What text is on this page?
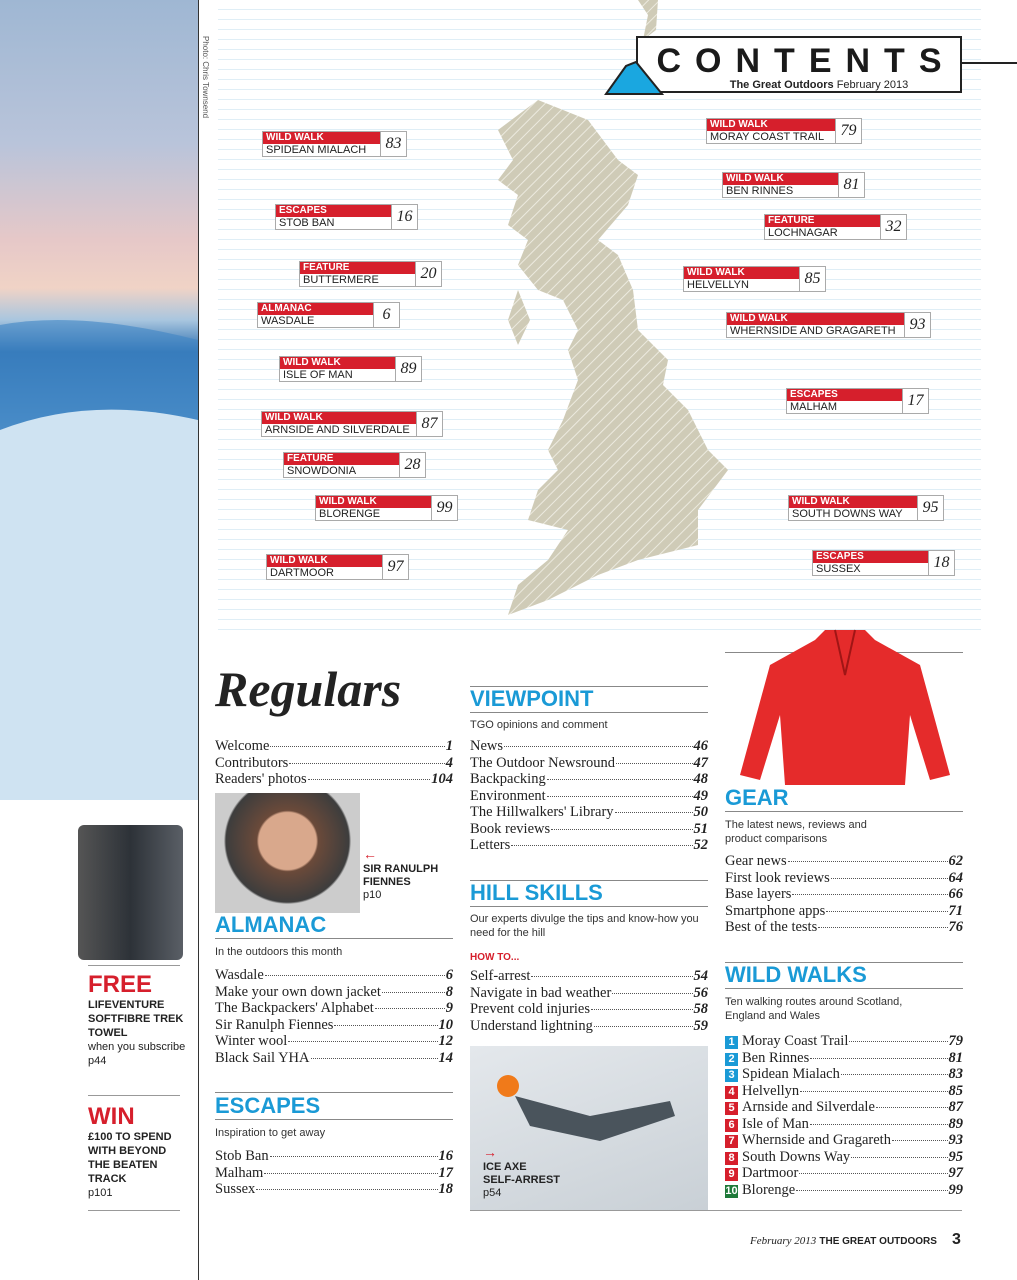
Photo: Chris Townsend	CONTENTS

The Great Outdoors February 2013

WILD WALK
SPIDEAN MIALACH	83
ESCAPES
STOB BAN	16
FEATURE
BUTTERMERE	20
ALMANAC
WASDALE	6
WILD WALK
ISLE OF MAN	89
WILD WALK
ARNSIDE AND SILVERDALE 87
FEATURE
SNOWDONIA	28
WILD WALK
BLORENGE	99
WILD WALK
DARTMOOR	97
WILD WALK
MORAY COAST TRAIL	79
WILD WALK
BEN RINNES	81
FEATURE
LOCHNAGAR	32
WILD WALK
HELVELLYN	85
WILD WALK
WHERNSIDE AND GRAGARETH 93
ESCAPES
MALHAM	17
WILD WALK
SOUTH DOWNS WAY	95
ESCAPES
SUSSEX	18
Regulars
Welcome	1
Contributors	4
Readers' photos	104
←
SIR RANULPH FIENNES
p10
ALMANAC
In the outdoors this month
Wasdale	6
Make your own down jacket	8
The Backpackers' Alphabet	9
Sir Ranulph Fiennes	10
Winter wool	12
Black Sail YHA	14
ESCAPES
Inspiration to get away
Stob Ban	16
Malham	17
Sussex	18
VIEWPOINT
TGO opinions and comment
News	46
The Outdoor Newsround	47
Backpacking	48
Environment	49
The Hillwalkers' Library	50
Book reviews	51
Letters	52
HILL SKILLS
Our experts divulge the tips and know-how you need for the hill
HOW TO...
Self-arrest	54
Navigate in bad weather	56
Prevent cold injuries	58
Understand lightning	59
→
ICE AXE
SELF-ARREST
p54
GEAR
The latest news, reviews and product comparisons
Gear news	62
First look reviews	64
Base layers	66
Smartphone apps	71
Best of the tests	76
WILD WALKS
Ten walking routes around Scotland, England and Wales
1 Moray Coast Trail	79
2 Ben Rinnes	81
3 Spidean Mialach	83
4 Helvellyn	85
5 Arnside and Silverdale	87
6 Isle of Man	89
7 Whernside and Gragareth	93
8 South Downs Way	95
9 Dartmoor	97
10 Blorenge	99
FREE
LIFEVENTURE SOFTFIBRE TREK TOWEL
when you subscribe
p44
WIN
£100 TO SPEND WITH BEYOND THE BEATEN TRACK
p101
February 2013 THE GREAT OUTDOORS 3
